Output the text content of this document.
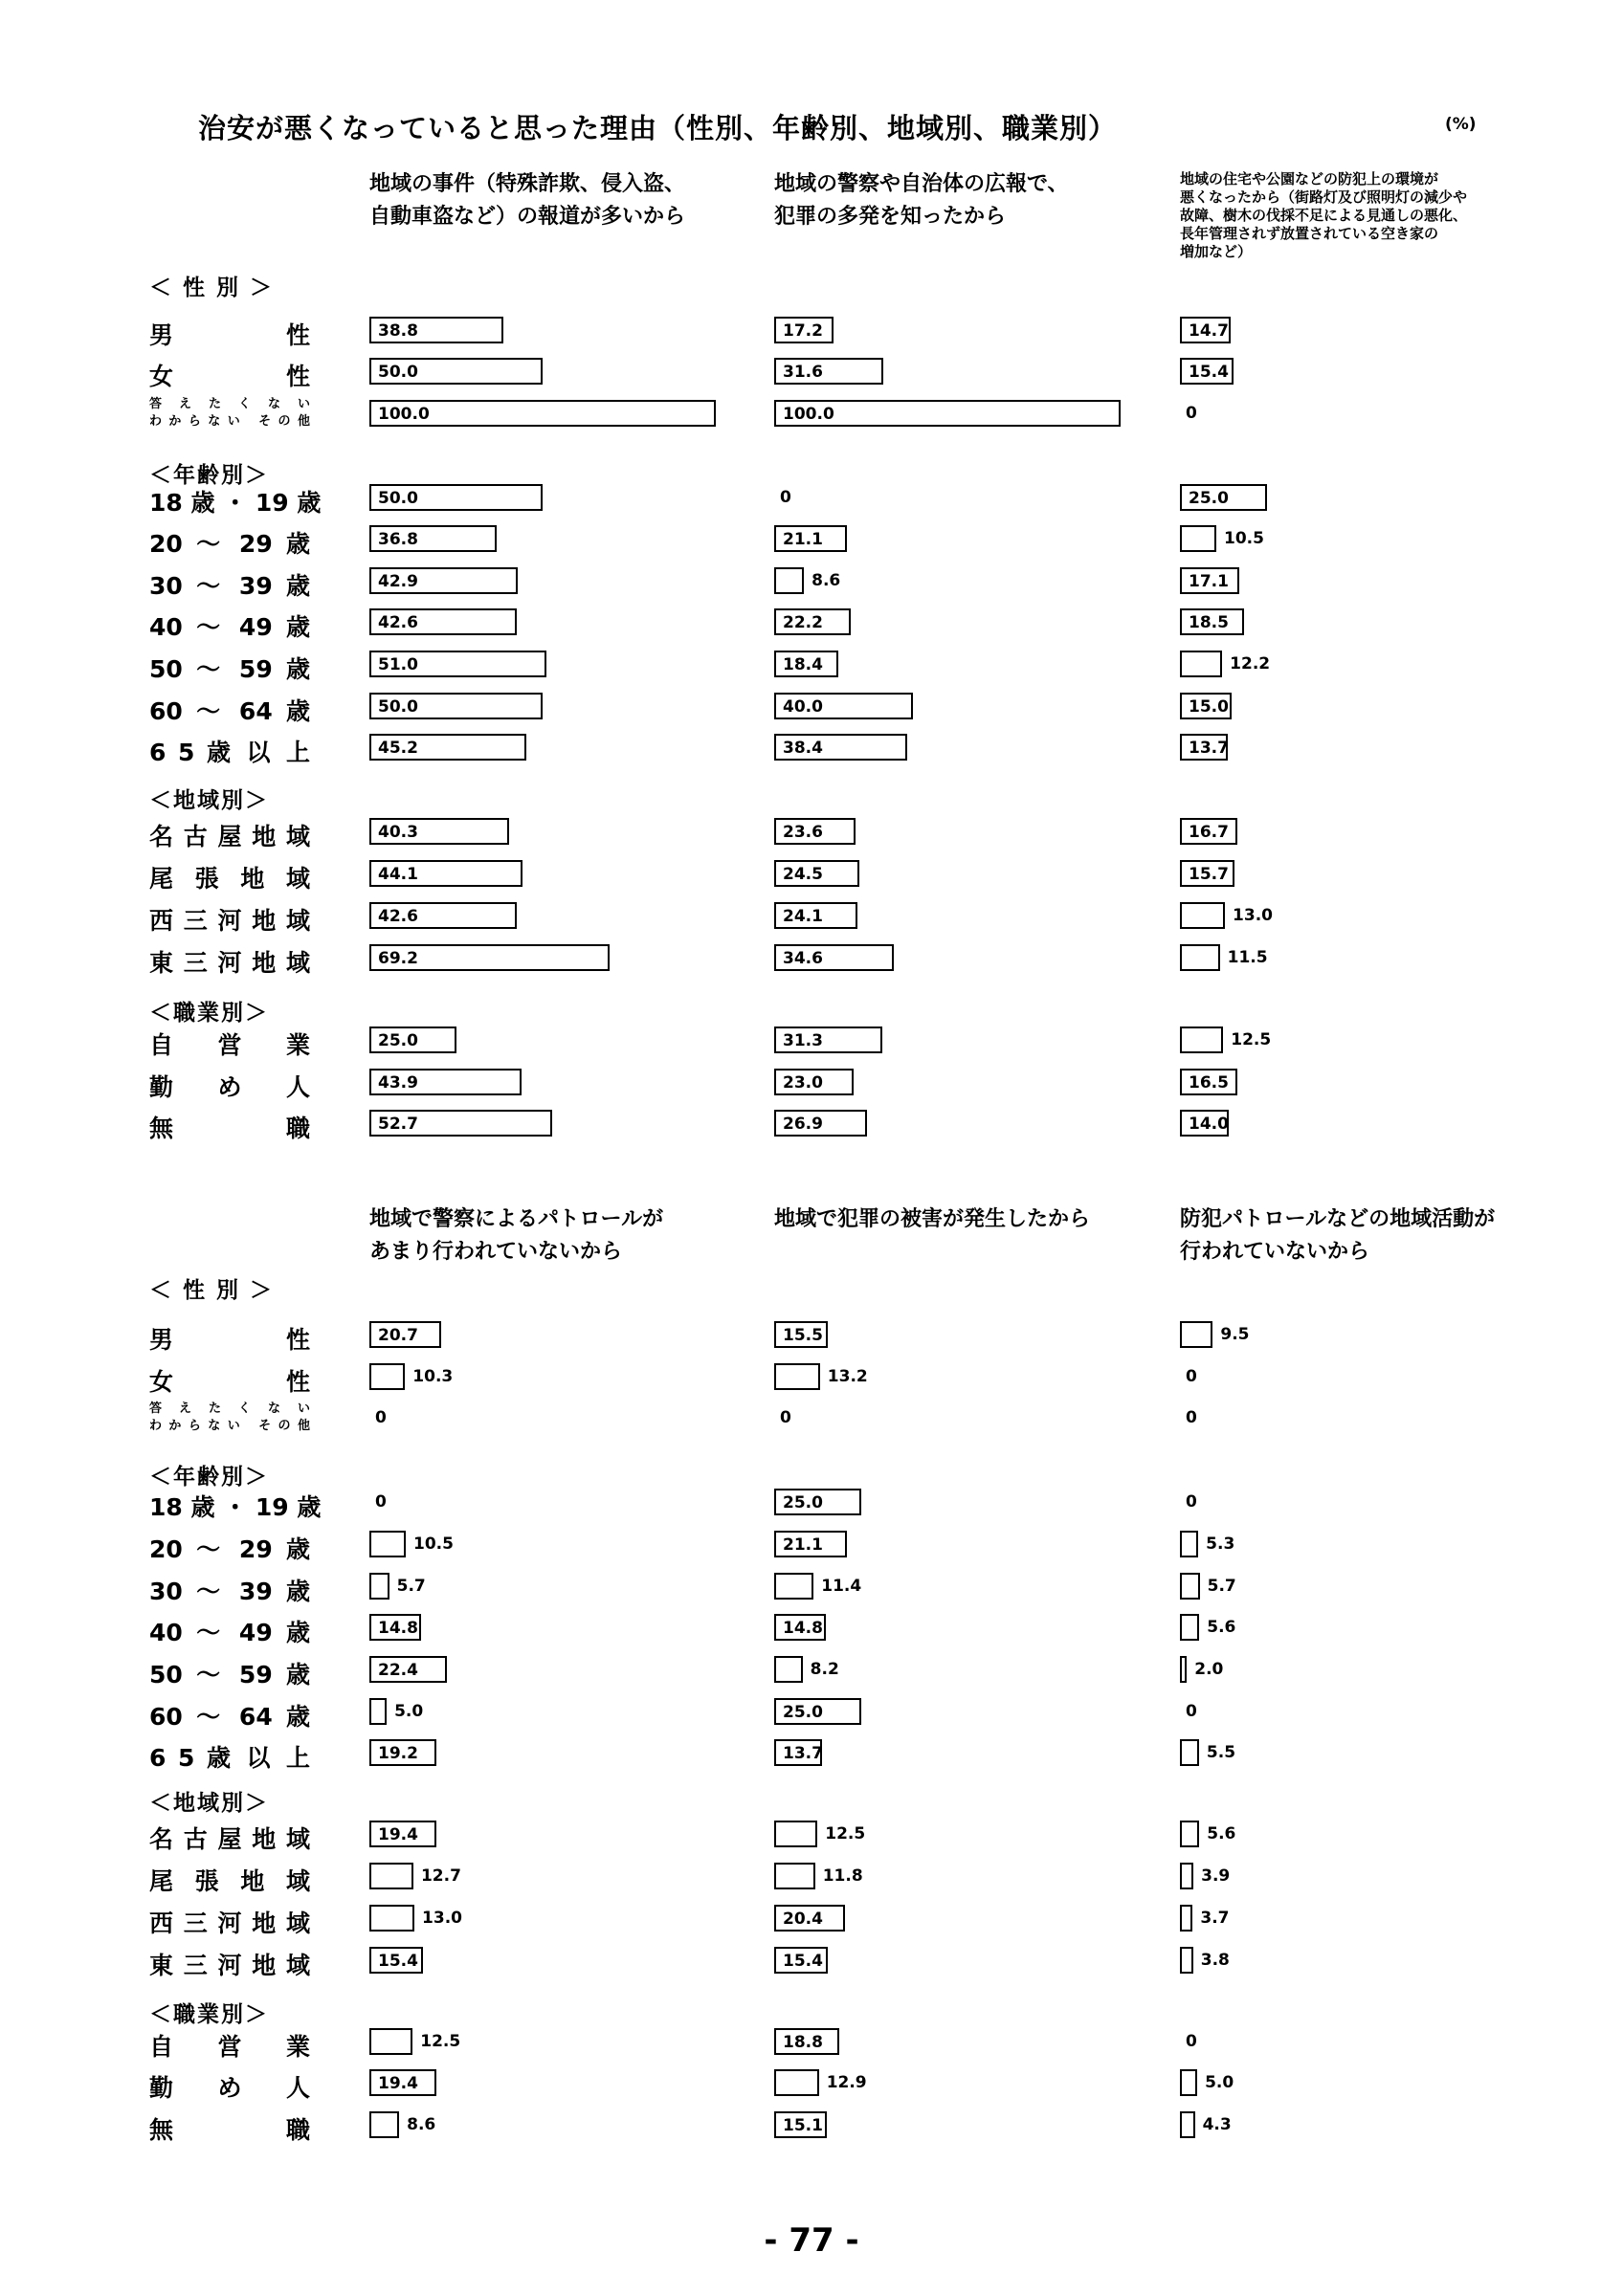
治安が悪くなっていると思った理由（性別、年齢別、地域別、職業別）	(%)
地域の事件（特殊詐欺、侵入盗、
自動車盗など）の報道が多いから
地域の警察や自治体の広報で、
犯罪の多発を知ったから
地域の住宅や公園などの防犯上の環境が
悪くなったから（街路灯及び照明灯の減少や
故障、樹木の伐採不足による見通しの悪化、
長年管理されず放置されている空き家の
増加など）
＜ 性 別 ＞
男　　　性	38.8	17.2	14.7
女　　　性	50.0	31.6	15.4
答 え た く な い
わからない その他	100.0	100.0	0
＜年齢別＞
18 歳 ・ 19 歳	50.0	0	25.0
20 ～ 29 歳	36.8	21.1	10.5
30 ～ 39 歳	42.9	8.6	17.1
40 ～ 49 歳	42.6	22.2	18.5
50 ～ 59 歳	51.0	18.4	12.2
60 ～ 64 歳	50.0	40.0	15.0
6 5 歳 以 上	45.2	38.4	13.7
＜地域別＞
名古屋地域	40.3	23.6	16.7
尾 張 地 域	44.1	24.5	15.7
西三河地域	42.6	24.1	13.0
東三河地域	69.2	34.6	11.5
＜職業別＞
自　営　業	25.0	31.3	12.5
勤　め　人	43.9	23.0	16.5
無　　　職	52.7	26.9	14.0
地域で警察によるパトロールが
あまり行われていないから
地域で犯罪の被害が発生したから	防犯パトロールなどの地域活動が
行われていないから
＜ 性 別 ＞
男　　　性	20.7	15.5	9.5
女　　　性	10.3	13.2	0
答 え た く な い
わからない その他	0	0	0
＜年齢別＞
18 歳 ・ 19 歳	0	25.0	0
20 ～ 29 歳	10.5	21.1	5.3
30 ～ 39 歳	5.7	11.4	5.7
40 ～ 49 歳	14.8	14.8	5.6
50 ～ 59 歳	22.4	8.2	2.0
60 ～ 64 歳	5.0	25.0	0
6 5 歳 以 上	19.2	13.7	5.5
＜地域別＞
名古屋地域	19.4	12.5	5.6
尾 張 地 域	12.7	11.8	3.9
西三河地域	13.0	20.4	3.7
東三河地域	15.4	15.4	3.8
＜職業別＞
自　営　業	12.5	18.8	0
勤　め　人	19.4	12.9	5.0
無　　　職	8.6	15.1	4.3
- 77 -
